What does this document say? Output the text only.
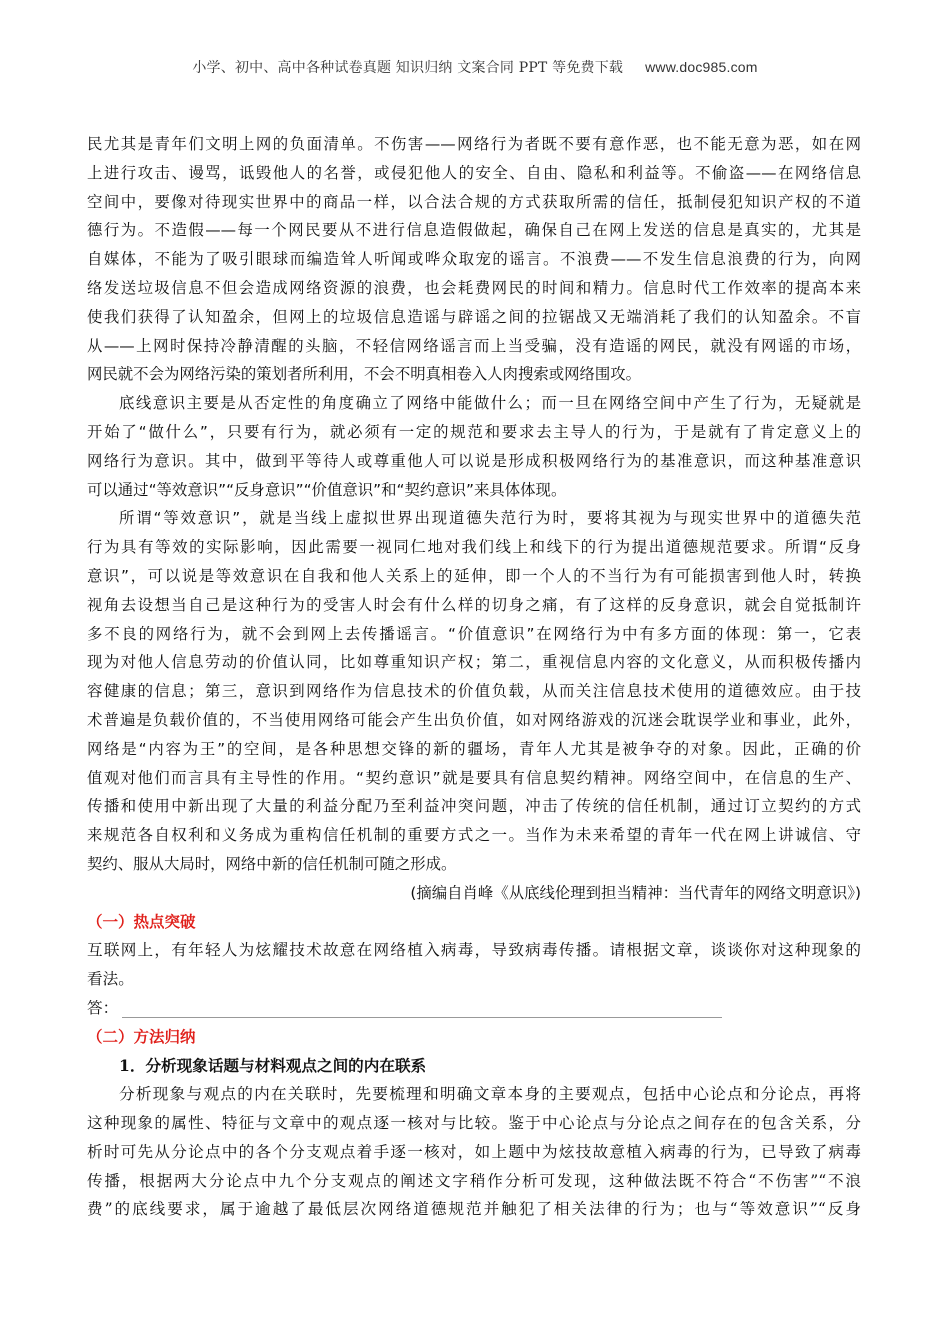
小学、初中、高中各种试卷真题 知识归纳 文案合同 PPT 等免费下载 www.doc985.com
民尤其是青年们文明上网的负面清单。不伤害——网络行为者既不要有意作恶，也不能无意为恶，如在网
上进行攻击、谩骂，诋毁他人的名誉，或侵犯他人的安全、自由、隐私和利益等。不偷盗——在网络信息
空间中，要像对待现实世界中的商品一样，以合法合规的方式获取所需的信任，抵制侵犯知识产权的不道
德行为。不造假——每一个网民要从不进行信息造假做起，确保自己在网上发送的信息是真实的，尤其是
自媒体，不能为了吸引眼球而编造耸人听闻或哗众取宠的谣言。不浪费——不发生信息浪费的行为，向网
络发送垃圾信息不但会造成网络资源的浪费，也会耗费网民的时间和精力。信息时代工作效率的提高本来
使我们获得了认知盈余，但网上的垃圾信息造谣与辟谣之间的拉锯战又无端消耗了我们的认知盈余。不盲
从——上网时保持冷静清醒的头脑，不轻信网络谣言而上当受骗，没有造谣的网民，就没有网谣的市场，
网民就不会为网络污染的策划者所利用，不会不明真相卷入人肉搜索或网络围攻。
底线意识主要是从否定性的角度确立了网络中能做什么；而一旦在网络空间中产生了行为，无疑就是
开始了“做什么”，只要有行为，就必须有一定的规范和要求去主导人的行为，于是就有了肯定意义上的
网络行为意识。其中，做到平等待人或尊重他人可以说是形成积极网络行为的基准意识，而这种基准意识
可以通过“等效意识”“反身意识”“价值意识”和“契约意识”来具体体现。
所谓“等效意识”，就是当线上虚拟世界出现道德失范行为时，要将其视为与现实世界中的道德失范
行为具有等效的实际影响，因此需要一视同仁地对我们线上和线下的行为提出道德规范要求。所谓“反身
意识”，可以说是等效意识在自我和他人关系上的延伸，即一个人的不当行为有可能损害到他人时，转换
视角去设想当自己是这种行为的受害人时会有什么样的切身之痛，有了这样的反身意识，就会自觉抵制许
多不良的网络行为，就不会到网上去传播谣言。“价值意识”在网络行为中有多方面的体现：第一，它表
现为对他人信息劳动的价值认同，比如尊重知识产权；第二，重视信息内容的文化意义，从而积极传播内
容健康的信息；第三，意识到网络作为信息技术的价值负载，从而关注信息技术使用的道德效应。由于技
术普遍是负载价值的，不当使用网络可能会产生出负价值，如对网络游戏的沉迷会耽误学业和事业，此外，
网络是“内容为王”的空间，是各种思想交锋的新的疆场，青年人尤其是被争夺的对象。因此，正确的价
值观对他们而言具有主导性的作用。“契约意识”就是要具有信息契约精神。网络空间中，在信息的生产、
传播和使用中新出现了大量的利益分配乃至利益冲突问题，冲击了传统的信任机制，通过订立契约的方式
来规范各自权利和义务成为重构信任机制的重要方式之一。当作为未来希望的青年一代在网上讲诚信、守
契约、服从大局时，网络中新的信任机制可随之形成。
(摘编自肖峰《从底线伦理到担当精神：当代青年的网络文明意识》)
（一）热点突破
互联网上，有年轻人为炫耀技术故意在网络植入病毒，导致病毒传播。请根据文章，谈谈你对这种现象的
看法。
答：
（二）方法归纳
1．分析现象话题与材料观点之间的内在联系
分析现象与观点的内在关联时，先要梳理和明确文章本身的主要观点，包括中心论点和分论点，再将
这种现象的属性、特征与文章中的观点逐一核对与比较。鉴于中心论点与分论点之间存在的包含关系，分
析时可先从分论点中的各个分支观点着手逐一核对，如上题中为炫技故意植入病毒的行为，已导致了病毒
传播，根据两大分论点中九个分支观点的阐述文字稍作分析可发现，这种做法既不符合“不伤害”“不浪
费”的底线要求，属于逾越了最低层次网络道德规范并触犯了相关法律的行为；也与“等效意识”“反身
